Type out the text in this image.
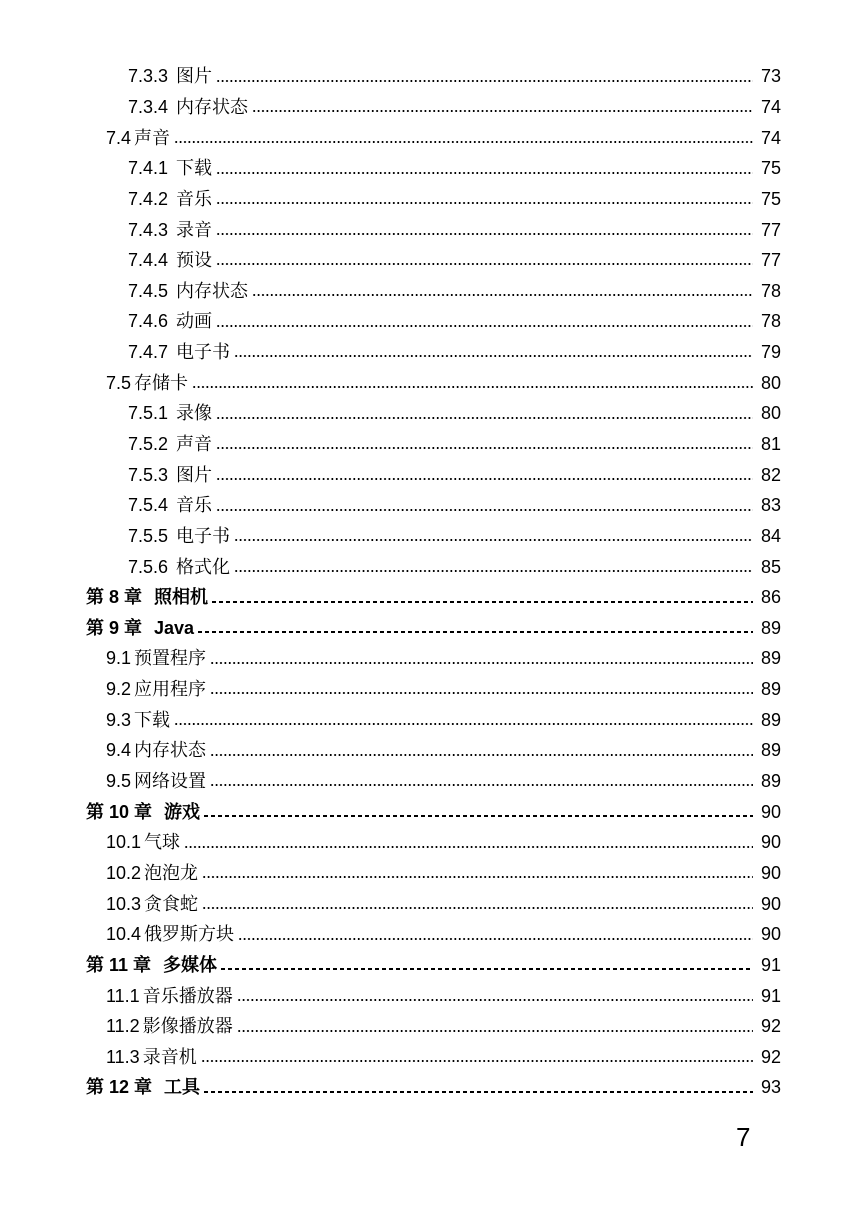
7.3.3 图片	73
7.3.4 内存状态	74
7.4 声音	74
7.4.1 下载	75
7.4.2 音乐	75
7.4.3 录音	77
7.4.4 预设	77
7.4.5 内存状态	78
7.4.6 动画	78
7.4.7 电子书	79
7.5 存储卡	80
7.5.1 录像	80
7.5.2 声音	81
7.5.3 图片	82
7.5.4 音乐	83
7.5.5 电子书	84
7.5.6 格式化	85
第 8 章 照相机	86
第 9 章 Java	89
9.1 预置程序	89
9.2 应用程序	89
9.3 下载	89
9.4 内存状态	89
9.5 网络设置	89
第 10 章 游戏	90
10.1 气球	90
10.2 泡泡龙	90
10.3 贪食蛇	90
10.4 俄罗斯方块	90
第 11 章 多媒体	91
11.1 音乐播放器	91
11.2 影像播放器	92
11.3 录音机	92
第 12 章 工具	93
7
